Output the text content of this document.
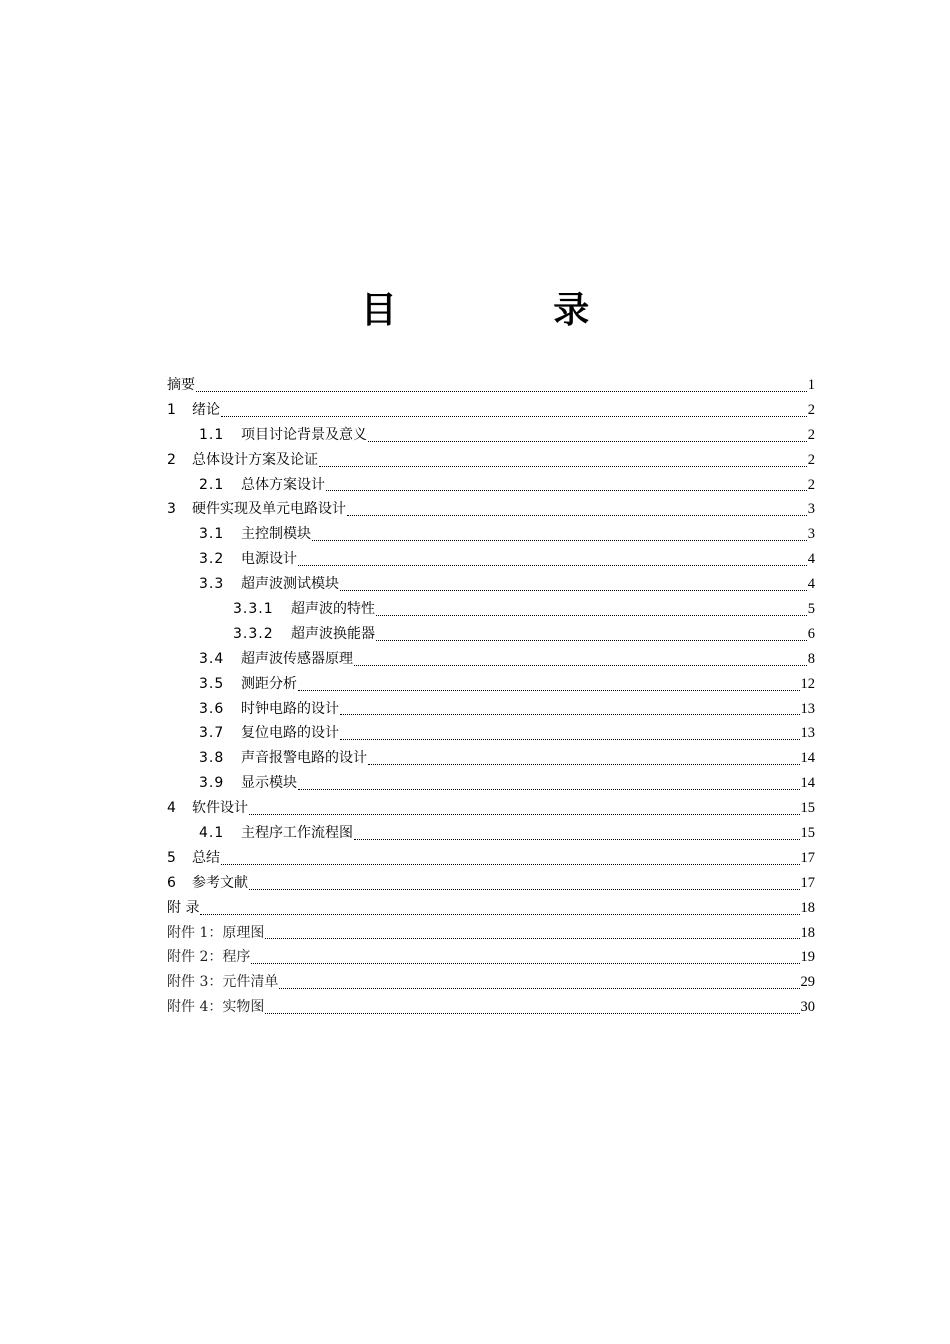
目 录
摘要	1
1	绪论	2
1.1	项目讨论背景及意义	2
2	总体设计方案及论证	2
2.1	总体方案设计	2
3	硬件实现及单元电路设计	3
3.1	主控制模块	3
3.2	电源设计	4
3.3	超声波测试模块	4
3.3.1	超声波的特性	5
3.3.2	超声波换能器	6
3.4	超声波传感器原理	8
3.5	测距分析	12
3.6	时钟电路的设计	13
3.7	复位电路的设计	13
3.8	声音报警电路的设计	14
3.9	显示模块	14
4	软件设计	15
4.1	主程序工作流程图	15
5	总结	17
6	参考文献	17
附 录	18
附件 1：原理图	18
附件 2：程序	19
附件 3：元件清单	29
附件 4：实物图	30
